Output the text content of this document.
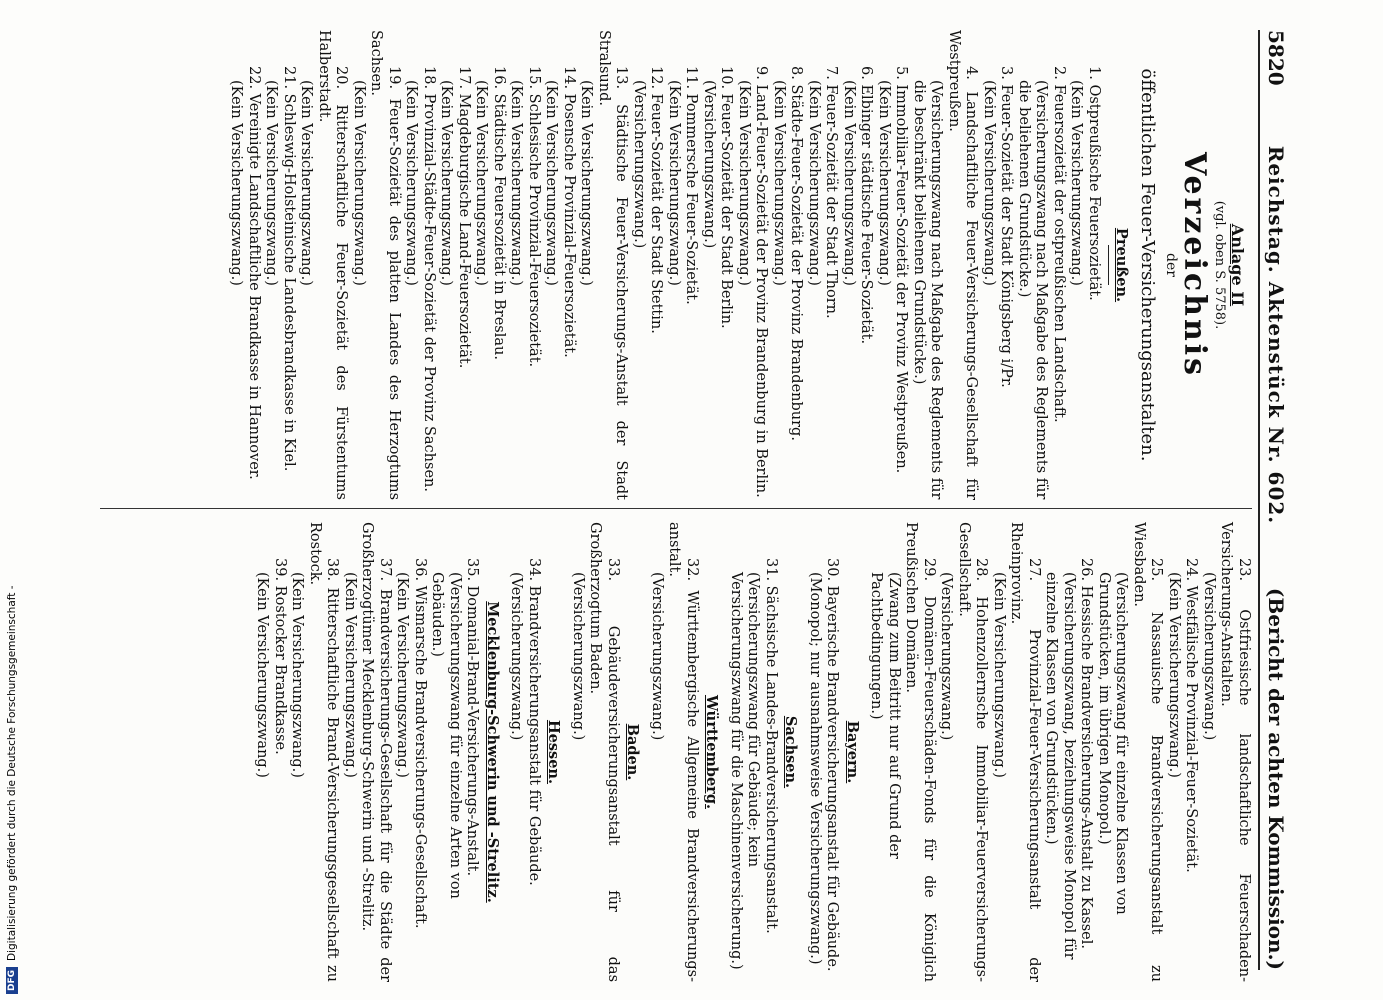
5820
Reichstag. Aktenstück Nr. 602.
(Bericht der achten Kommission.)
Anlage II
(vgl. oben S. 5758).
Verzeichnis
der
öffentlichen Feuer-Versicherungsanstalten.
Preußen.
1. Ostpreußische Feuersozietät.
(Kein Versicherungszwang.)
2. Feuersozietät der ostpreußischen Landschaft.
(Versicherungszwang nach Maßgabe des Reglements für die beliehenen Grundstücke.)
3. Feuer-Sozietät der Stadt Königsberg i/Pr.
(Kein Versicherungszwang.)
4. Landschaftliche Feuer-Versicherungs-Gesellschaft für Westpreußen.
(Versicherungszwang nach Maßgabe des Reglements für die beschränkt beliehenen Grundstücke.)
5. Immobiliar-Feuer-Sozietät der Provinz Westpreußen.
(Kein Versicherungszwang.)
6. Elbinger städtische Feuer-Sozietät.
(Kein Versicherungszwang.)
7. Feuer-Sozietät der Stadt Thorn.
(Kein Versicherungszwang.)
8. Städte-Feuer-Sozietät der Provinz Brandenburg.
(Kein Versicherungszwang.)
9. Land-Feuer-Sozietät der Provinz Brandenburg in Berlin.
(Kein Versicherungszwang.)
10. Feuer-Sozietät der Stadt Berlin.
(Versicherungszwang.)
11. Pommersche Feuer-Sozietät.
(Kein Versicherungszwang.)
12. Feuer-Sozietät der Stadt Stettin.
(Versicherungszwang.)
13. Städtische Feuer-Versicherungs-Anstalt der Stadt Stralsund.
(Kein Versicherungszwang.)
14. Posensche Provinzial-Feuersozietät.
(Kein Versicherungszwang.)
15. Schlesische Provinzial-Feuersozietät.
(Kein Versicherungszwang.)
16. Städtische Feuersozietät in Breslau.
(Kein Versicherungszwang.)
17. Magdeburgische Land-Feuersozietät.
(Kein Versicherungszwang.)
18. Provinzial-Städte-Feuer-Sozietät der Provinz Sachsen.
(Kein Versicherungszwang.)
19. Feuer-Sozietät des platten Landes des Herzogtums Sachsen.
(Kein Versicherungszwang.)
20. Ritterschaftliche Feuer-Sozietät des Fürstentums Halberstadt.
(Kein Versicherungszwang.)
21. Schleswig-Holsteinische Landesbrandkasse in Kiel.
(Kein Versicherungszwang.)
22. Vereinigte Landschaftliche Brandkasse in Hannover.
(Kein Versicherungszwang.)
23. Ostfriesische landschaftliche Feuerschaden-Versicherungs-Anstalten.
(Versicherungszwang.)
24. Westfälische Provinzial-Feuer-Sozietät.
(Kein Versicherungszwang.)
25. Nassauische Brandversicherungsanstalt zu Wiesbaden.
(Versicherungszwang für einzelne Klassen von Grundstücken, im übrigen Monopol.)
26. Hessische Brandversicherungs-Anstalt zu Kassel.
(Versicherungszwang, beziehungsweise Monopol für einzelne Klassen von Grundstücken.)
27. Provinzial-Feuer-Versicherungsanstalt der Rheinprovinz.
(Kein Versicherungszwang.)
28. Hohenzollernsche Immobiliar-Feuerversicherungs-Gesellschaft.
(Versicherungszwang.)
29. Domänen-Feuerschäden-Fonds für die Königlich Preußischen Domänen.
(Zwang zum Beitritt nur auf Grund der Pachtbedingungen.)
Bayern.
30. Bayerische Brandversicherungsanstalt für Gebäude.
(Monopol; nur ausnahmsweise Versicherungszwang.)
Sachsen.
31. Sächsische Landes-Brandversicherungsanstalt.
(Versicherungszwang für Gebäude; kein Versicherungszwang für die Maschinenversicherung.)
Württemberg.
32. Württembergische Allgemeine Brandversicherungs-anstalt.
(Versicherungszwang.)
Baden.
33. Gebäudeversicherungsanstalt für das Großherzogtum Baden.
(Versicherungszwang.)
Hessen.
34. Brandversicherungsanstalt für Gebäude.
(Versicherungszwang.)
Mecklenburg-Schwerin und -Strelitz.
35. Domanial-Brand-Versicherungs-Anstalt.
(Versicherungszwang für einzelne Arten von Gebäuden.)
36. Wismarsche Brandversicherungs-Gesellschaft.
(Kein Versicherungszwang.)
37. Brandversicherungs-Gesellschaft für die Städte der Großherzogtümer Mecklenburg-Schwerin und -Strelitz.
(Kein Versicherungszwang.)
38. Ritterschaftliche Brand-Versicherungsgesellschaft zu Rostock.
(Kein Versicherungszwang.)
39. Rostocker Brandkasse.
(Kein Versicherungszwang.)
DFG
Digitalisierung gefördert durch die Deutsche Forschungsgemeinschaft -
